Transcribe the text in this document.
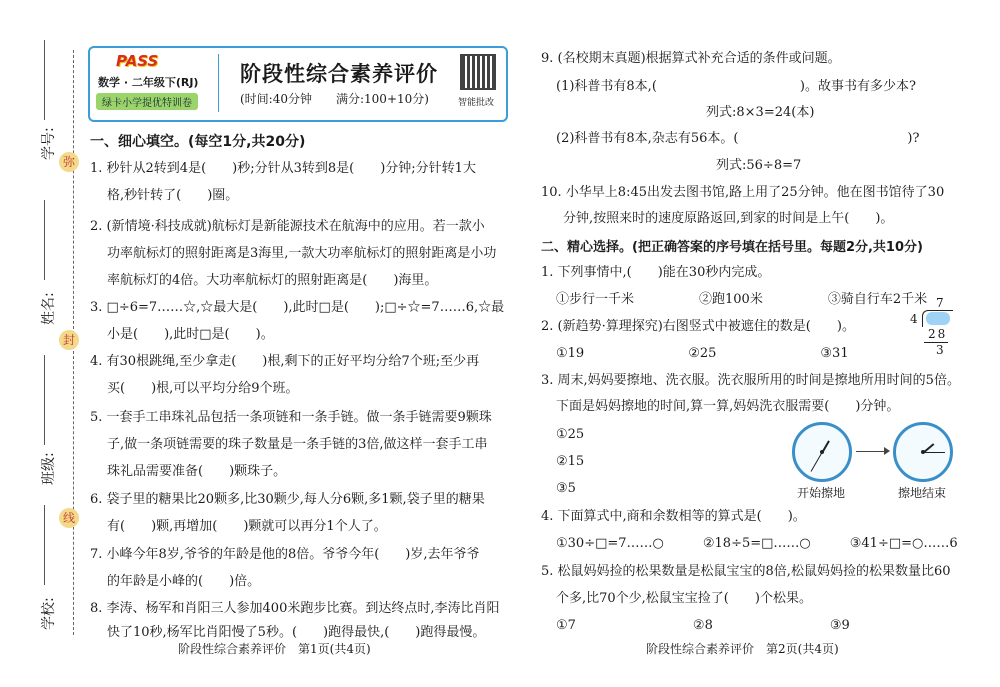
学号:
姓名:
班级:
学校:
弥
封
线
PASS
数学 · 二年级下(RJ)
绿卡小学提优特训卷
阶段性综合素养评价
(时间:40分钟　　满分:100+10分)	智能批改
一、细心填空。(每空1分,共20分)
1. 秒针从2转到4是(　　)秒;分针从3转到8是(　　)分钟;分针转1大
格,秒针转了(　　)圈。
2. (新情境·科技成就)航标灯是新能源技术在航海中的应用。若一款小
功率航标灯的照射距离是3海里,一款大功率航标灯的照射距离是小功
率航标灯的4倍。大功率航标灯的照射距离是(　　)海里。
3. □÷6=7……☆,☆最大是(　　),此时□是(　　);□÷☆=7……6,☆最
小是(　　),此时□是(　　)。
4. 有30根跳绳,至少拿走(　　)根,剩下的正好平均分给7个班;至少再
买(　　)根,可以平均分给9个班。
5. 一套手工串珠礼品包括一条项链和一条手链。做一条手链需要9颗珠
子,做一条项链需要的珠子数量是一条手链的3倍,做这样一套手工串
珠礼品需要准备(　　)颗珠子。
6. 袋子里的糖果比20颗多,比30颗少,每人分6颗,多1颗,袋子里的糖果
有(　　)颗,再增加(　　)颗就可以再分1个人了。
7. 小峰今年8岁,爷爷的年龄是他的8倍。爷爷今年(　　)岁,去年爷爷
的年龄是小峰的(　　)倍。
8. 李涛、杨军和肖阳三人参加400米跑步比赛。到达终点时,李涛比肖阳
快了10秒,杨军比肖阳慢了5秒。(　　)跑得最快,(　　)跑得最慢。
阶段性综合素养评价　第1页(共4页)
9. (名校期末真题)根据算式补充合适的条件或问题。
(1)科普书有8本,(　　　　　　　　　　　)。故事书有多少本?
列式:8×3=24(本)
(2)科普书有8本,杂志有56本。(　　　　　　　　　　　　　)?
列式:56÷8=7
10. 小华早上8:45出发去图书馆,路上用了25分钟。他在图书馆待了30
分钟,按照来时的速度原路返回,到家的时间是上午(　　)。
二、精心选择。(把正确答案的序号填在括号里。每题2分,共10分)
1. 下列事情中,(　　)能在30秒内完成。
①步行一千米　　　　　②跑100米　　　　　③骑自行车2千米
2. (新趋势·算理探究)右图竖式中被遮住的数是(　　)。
①19　　　　　　　　②25　　　　　　　　③31
7
4
28
3
3. 周末,妈妈要擦地、洗衣服。洗衣服所用的时间是擦地所用时间的5倍。
下面是妈妈擦地的时间,算一算,妈妈洗衣服需要(　　)分钟。
①25
②15
③5	开始擦地	擦地结束
4. 下面算式中,商和余数相等的算式是(　　)。
①30÷□=7……○　　　②18÷5=□……○　　　③41÷□=○……6
5. 松鼠妈妈捡的松果数量是松鼠宝宝的8倍,松鼠妈妈捡的松果数量比60
个多,比70个少,松鼠宝宝捡了(　　)个松果。
①7　　　　　　　　　②8　　　　　　　　　③9
阶段性综合素养评价　第2页(共4页)
